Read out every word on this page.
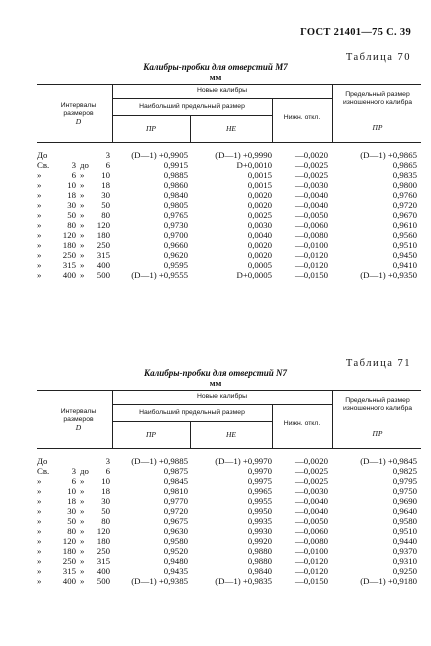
ГОСТ 21401—75 С. 39
Таблица 70
Калибры-пробки для отверстий М7
мм
Новые калибры
Наибольший предельный размер
Нижн. откл.
ПР	НЕ
Интервалы размеров
D
Предельный размер изношенного калибра
ПР
До	3	(D—1) +0,9905	(D—1) +0,9990	—0,0020	(D—1) +0,9865
Св.	3 до	6	0,9915	D+0,0010	—0,0025	0,9865
»	6 »	10	0,9885	0,0015	—0,0025	0,9835
»	10 »	18	0,9860	0,0015	—0,0030	0,9800
»	18 »	30	0,9840	0,0020	—0,0040	0,9760
»	30 »	50	0,9805	0,0020	—0,0040	0,9720
»	50 »	80	0,9765	0,0025	—0,0050	0,9670
»	80 »	120	0,9730	0,0030	—0,0060	0,9610
»	120 »	180	0,9700	0,0040	—0,0080	0,9560
»	180 »	250	0,9660	0,0020	—0,0100	0,9510
»	250 »	315	0,9620	0,0020	—0,0120	0,9450
»	315 »	400	0,9595	0,0005	—0,0120	0,9410
»	400 »	500	(D—1) +0,9555	D+0,0005	—0,0150	(D—1) +0,9350
Таблица 71
Калибры-пробки для отверстий N7
мм
Новые калибры
Наибольший предельный размер
Нижн. откл.
ПР	НЕ
Интервалы размеров
D
Предельный размер изношенного калибра
ПР
До	3	(D—1) +0,9885	(D—1) +0,9970	—0,0020	(D—1) +0,9845
Св.	3 до	6	0,9875	0,9970	—0,0025	0,9825
»	6 »	10	0,9845	0,9975	—0,0025	0,9795
»	10 »	18	0,9810	0,9965	—0,0030	0,9750
»	18 »	30	0,9770	0,9955	—0,0040	0,9690
»	30 »	50	0,9720	0,9950	—0,0040	0,9640
»	50 »	80	0,9675	0,9935	—0,0050	0,9580
»	80 »	120	0,9630	0,9930	—0,0060	0,9510
»	120 »	180	0,9580	0,9920	—0,0080	0,9440
»	180 »	250	0,9520	0,9880	—0,0100	0,9370
»	250 »	315	0,9480	0,9880	—0,0120	0,9310
»	315 »	400	0,9435	0,9840	—0,0120	0,9250
»	400 »	500	(D—1) +0,9385	(D—1) +0,9835	—0,0150	(D—1) +0,9180
